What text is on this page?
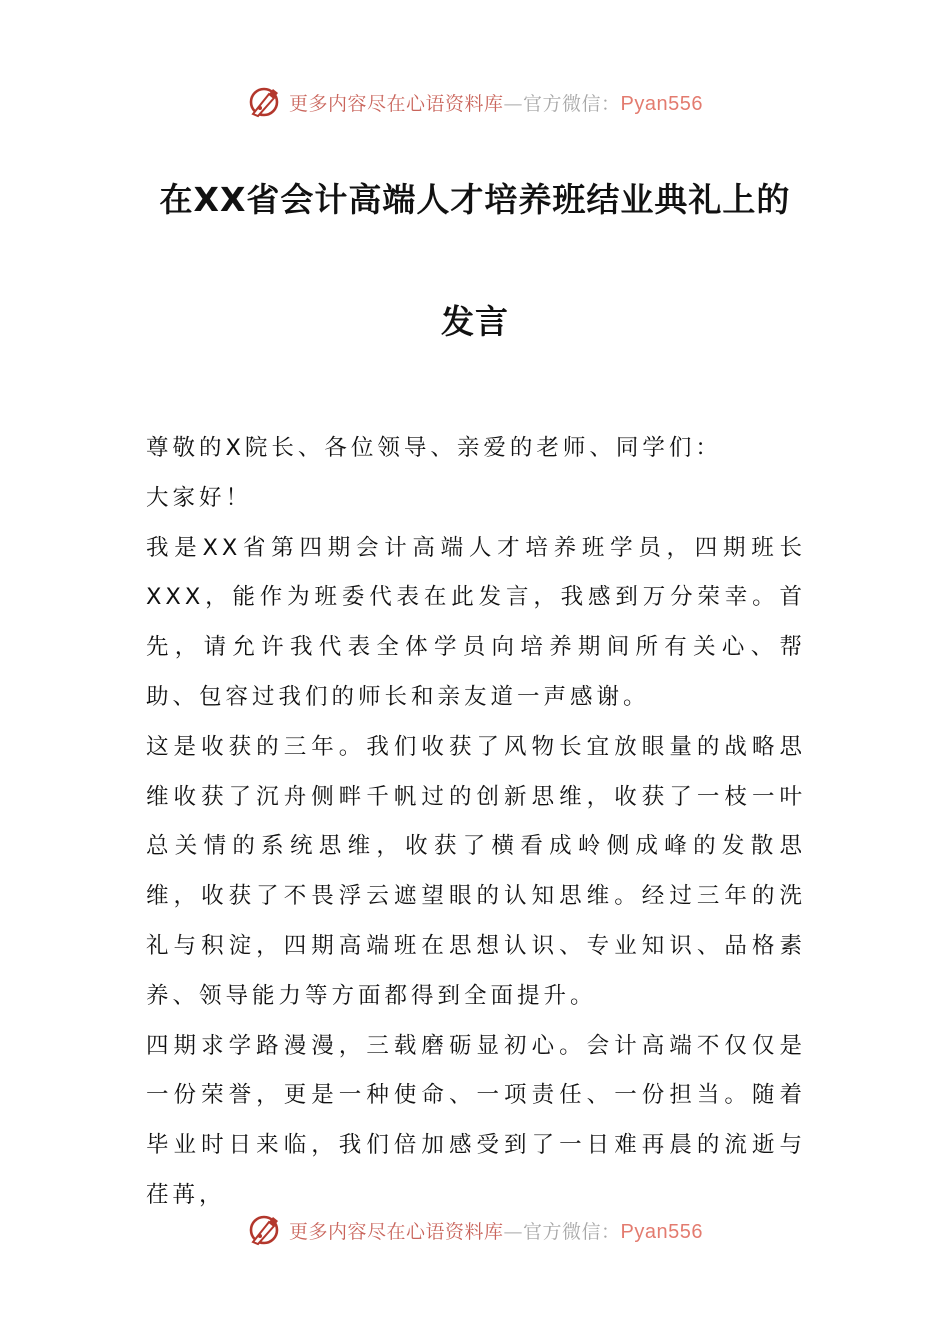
更多内容尽在心语资料库—官方微信：Pyan556
在XX省会计高端人才培养班结业典礼上的
发言

尊敬的X院长、各位领导、亲爱的老师、同学们：

大家好！

我是XX省第四期会计高端人才培养班学员，四期班长XXX，能作为班委代表在此发言，我感到万分荣幸。首先，请允许我代表全体学员向培养期间所有关心、帮助、包容过我们的师长和亲友道一声感谢。

这是收获的三年。我们收获了风物长宜放眼量的战略思维收获了沉舟侧畔千帆过的创新思维，收获了一枝一叶总关情的系统思维，收获了横看成岭侧成峰的发散思维，收获了不畏浮云遮望眼的认知思维。经过三年的洗礼与积淀，四期高端班在思想认识、专业知识、品格素养、领导能力等方面都得到全面提升。

四期求学路漫漫，三载磨砺显初心。会计高端不仅仅是一份荣誉，更是一种使命、一项责任、一份担当。随着毕业时日来临，我们倍加感受到了一日难再晨的流逝与荏苒，

更多内容尽在心语资料库—官方微信：Pyan556
